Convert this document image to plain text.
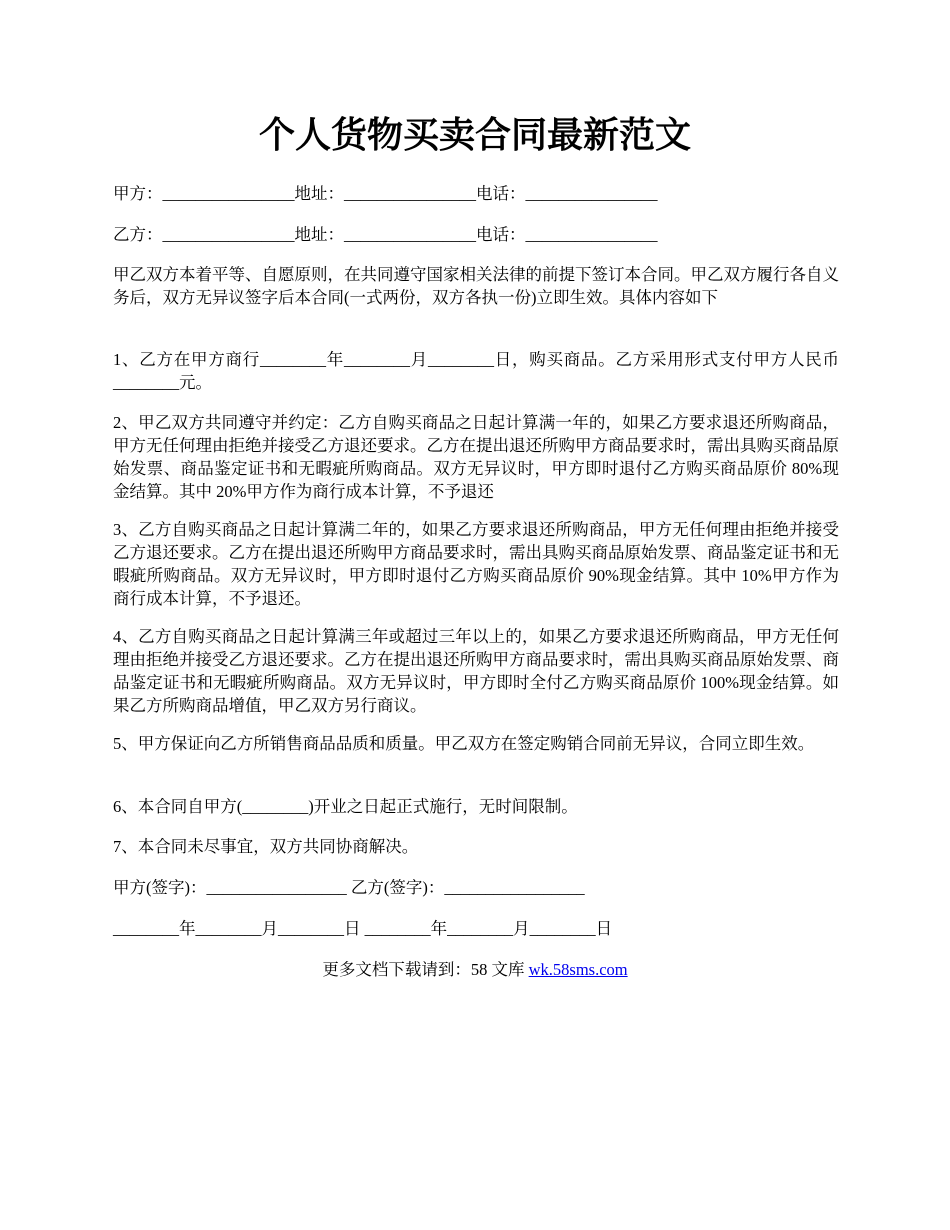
个人货物买卖合同最新范文

甲方：________________地址：________________电话：________________

乙方：________________地址：________________电话：________________

甲乙双方本着平等、自愿原则，在共同遵守国家相关法律的前提下签订本合同。甲乙双方履行各自义务后，双方无异议签字后本合同(一式两份，双方各执一份)立即生效。具体内容如下

1、乙方在甲方商行________年________月________日，购买商品。乙方采用形式支付甲方人民币________元。

2、甲乙双方共同遵守并约定：乙方自购买商品之日起计算满一年的，如果乙方要求退还所购商品，甲方无任何理由拒绝并接受乙方退还要求。乙方在提出退还所购甲方商品要求时，需出具购买商品原始发票、商品鉴定证书和无暇疵所购商品。双方无异议时，甲方即时退付乙方购买商品原价 80%现金结算。其中 20%甲方作为商行成本计算，不予退还

3、乙方自购买商品之日起计算满二年的，如果乙方要求退还所购商品，甲方无任何理由拒绝并接受乙方退还要求。乙方在提出退还所购甲方商品要求时，需出具购买商品原始发票、商品鉴定证书和无暇疵所购商品。双方无异议时，甲方即时退付乙方购买商品原价 90%现金结算。其中 10%甲方作为商行成本计算，不予退还。

4、乙方自购买商品之日起计算满三年或超过三年以上的，如果乙方要求退还所购商品，甲方无任何理由拒绝并接受乙方退还要求。乙方在提出退还所购甲方商品要求时，需出具购买商品原始发票、商品鉴定证书和无暇疵所购商品。双方无异议时，甲方即时全付乙方购买商品原价 100%现金结算。如果乙方所购商品增值，甲乙双方另行商议。

5、甲方保证向乙方所销售商品品质和质量。甲乙双方在签定购销合同前无异议，合同立即生效。

6、本合同自甲方(________)开业之日起正式施行，无时间限制。

7、本合同未尽事宜，双方共同协商解决。

甲方(签字)：_________________ 乙方(签字)：_________________

________年________月________日 ________年________月________日

更多文档下载请到：58 文库 wk.58sms.com
